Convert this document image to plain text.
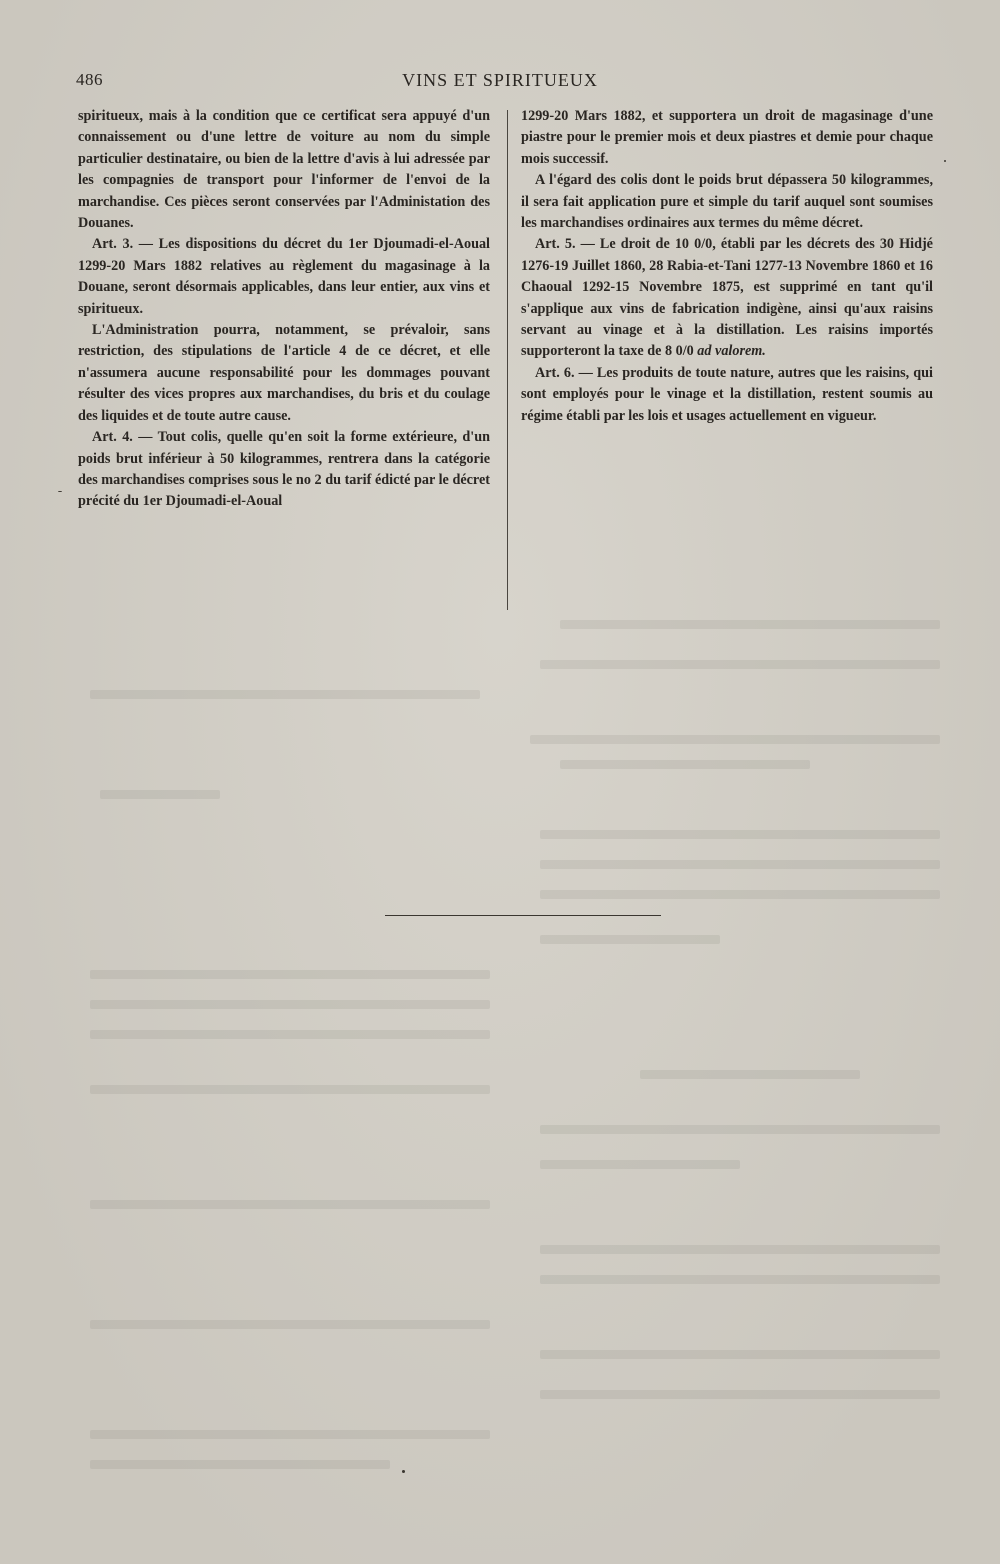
486	VINS ET SPIRITUEUX

spiritueux, mais à la condition que ce certificat sera appuyé d'un connaissement ou d'une lettre de voiture au nom du simple particulier destinataire, ou bien de la lettre d'avis à lui adressée par les compagnies de transport pour l'informer de l'envoi de la marchandise. Ces pièces seront conservées par l'Administation des Douanes.

Art. 3. — Les dispositions du décret du 1er Djoumadi-el-Aoual 1299-20 Mars 1882 relatives au règlement du magasinage à la Douane, seront désormais applicables, dans leur entier, aux vins et spiritueux.

L'Administration pourra, notamment, se prévaloir, sans restriction, des stipulations de l'article 4 de ce décret, et elle n'assumera aucune responsabilité pour les dommages pouvant résulter des vices propres aux marchandises, du bris et du coulage des liquides et de toute autre cause.

Art. 4. — Tout colis, quelle qu'en soit la forme extérieure, d'un poids brut inférieur à 50 kilogrammes, rentrera dans la catégorie des marchandises comprises sous le no 2 du tarif édicté par le décret précité du 1er Djoumadi-el-Aoual

1299-20 Mars 1882, et supportera un droit de magasinage d'une piastre pour le premier mois et deux piastres et demie pour chaque mois successif.

A l'égard des colis dont le poids brut dépassera 50 kilogrammes, il sera fait application pure et simple du tarif auquel sont soumises les marchandises ordinaires aux termes du même décret.

Art. 5. — Le droit de 10 0/0, établi par les décrets des 30 Hidjé 1276-19 Juillet 1860, 28 Rabia-et-Tani 1277-13 Novembre 1860 et 16 Chaoual 1292-15 Novembre 1875, est supprimé en tant qu'il s'applique aux vins de fabrication indigène, ainsi qu'aux raisins servant au vinage et à la distillation. Les raisins importés supporteront la taxe de 8 0/0 ad valorem.

Art. 6. — Les produits de toute nature, autres que les raisins, qui sont employés pour le vinage et la distillation, restent soumis au régime établi par les lois et usages actuellement en vigueur.
